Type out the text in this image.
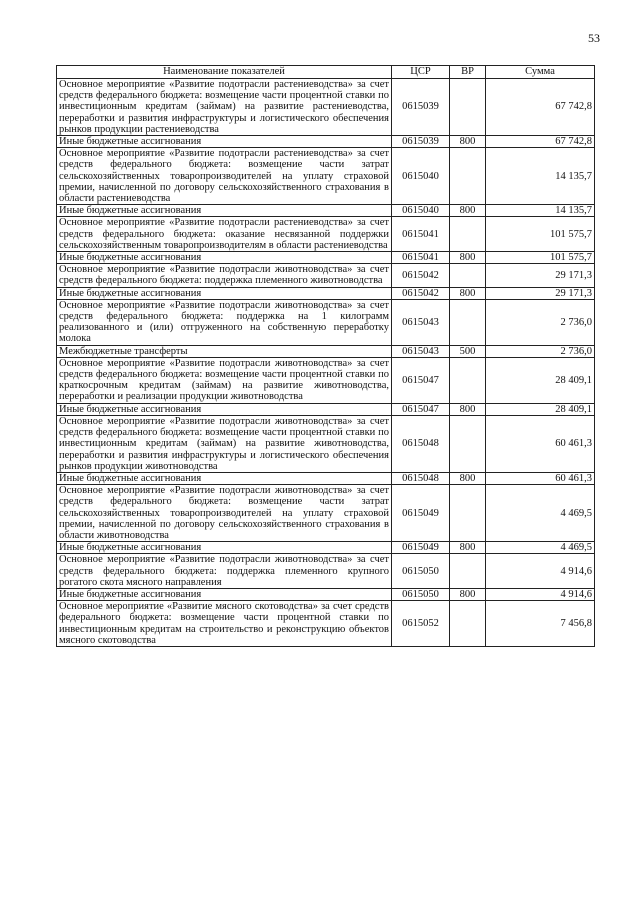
53
Наименование показателей	ЦСР	ВР	Сумма
Основное мероприятие «Развитие подотрасли растениеводства» за счет средств федерального бюджета: возмещение части процентной ставки по инвестиционным кредитам (займам) на развитие растениеводства, переработки и развития инфраструктуры и логистического обеспечения рынков продукции растениеводства	0615039		67 742,8
Иные бюджетные ассигнования	0615039	800	67 742,8
Основное мероприятие «Развитие подотрасли растениеводства» за счет средств федерального бюджета: возмещение части затрат сельскохозяйственных товаропроизводителей на уплату страховой премии, начисленной по договору сельскохозяйственного страхования в области растениеводства	0615040		14 135,7
Иные бюджетные ассигнования	0615040	800	14 135,7
Основное мероприятие «Развитие подотрасли растениеводства» за счет средств федерального бюджета: оказание несвязанной поддержки сельскохозяйственным товаропроизводителям в области растениеводства	0615041		101 575,7
Иные бюджетные ассигнования	0615041	800	101 575,7
Основное мероприятие «Развитие подотрасли животноводства» за счет средств федерального бюджета: поддержка племенного животноводства	0615042		29 171,3
Иные бюджетные ассигнования	0615042	800	29 171,3
Основное мероприятие «Развитие подотрасли животноводства» за счет средств федерального бюджета: поддержка на 1 килограмм реализованного и (или) отгруженного на собственную переработку молока	0615043		2 736,0
Межбюджетные трансферты	0615043	500	2 736,0
Основное мероприятие «Развитие подотрасли животноводства» за счет средств федерального бюджета: возмещение части процентной ставки по краткосрочным кредитам (займам) на развитие животноводства, переработки и реализации продукции животноводства	0615047		28 409,1
Иные бюджетные ассигнования	0615047	800	28 409,1
Основное мероприятие «Развитие подотрасли животноводства» за счет средств федерального бюджета: возмещение части процентной ставки по инвестиционным кредитам (займам) на развитие животноводства, переработки и развития инфраструктуры и логистического обеспечения рынков продукции животноводства	0615048		60 461,3
Иные бюджетные ассигнования	0615048	800	60 461,3
Основное мероприятие «Развитие подотрасли животноводства» за счет средств федерального бюджета: возмещение части затрат сельскохозяйственных товаропроизводителей на уплату страховой премии, начисленной по договору сельскохозяйственного страхования в области животноводства	0615049		4 469,5
Иные бюджетные ассигнования	0615049	800	4 469,5
Основное мероприятие «Развитие подотрасли животноводства» за счет средств федерального бюджета: поддержка племенного крупного рогатого скота мясного направления	0615050		4 914,6
Иные бюджетные ассигнования	0615050	800	4 914,6
Основное мероприятие «Развитие мясного скотоводства» за счет средств федерального бюджета: возмещение части процентной ставки по инвестиционным кредитам на строительство и реконструкцию объектов мясного скотоводства	0615052		7 456,8
